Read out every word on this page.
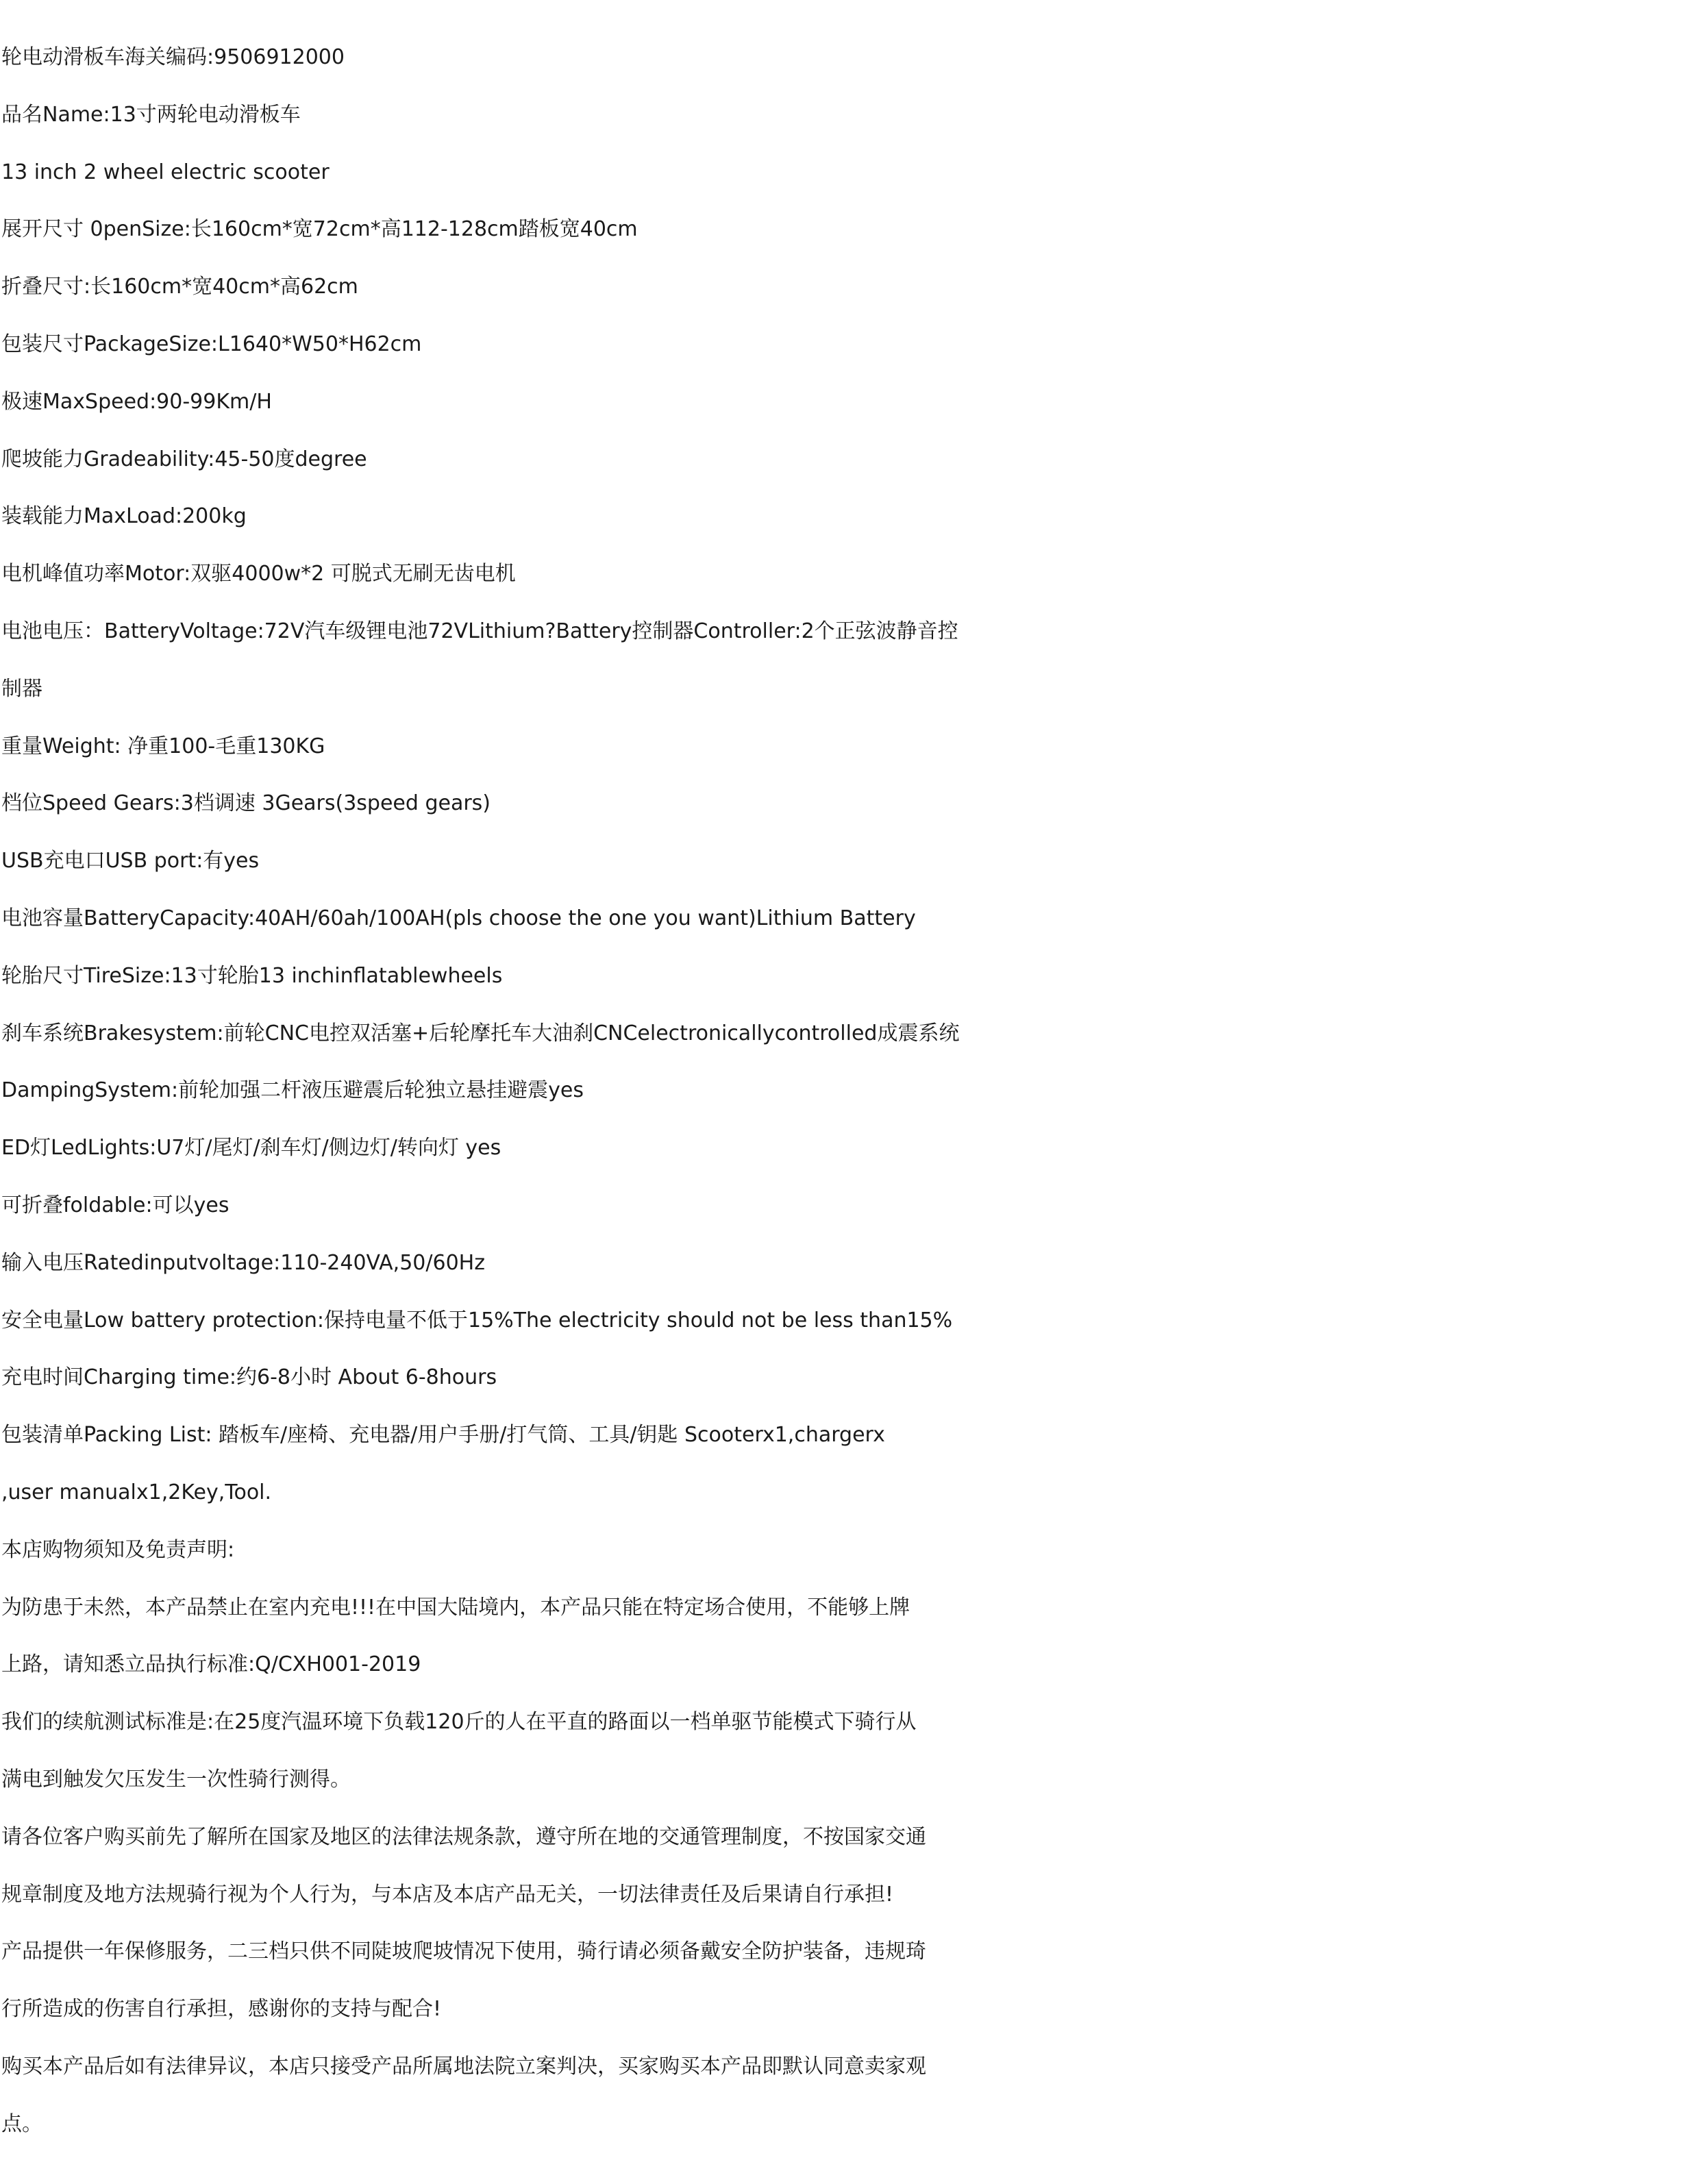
轮电动滑板车海关编码:9506912000
品名Name:13寸两轮电动滑板车
13 inch 2 wheel electric scooter
展开尺寸 0penSize:长160cm*宽72cm*高112-128cm踏板宽40cm
折叠尺寸:长160cm*宽40cm*高62cm
包装尺寸PackageSize:L1640*W50*H62cm
极速MaxSpeed:90-99Km/H
爬坡能力Gradeability:45-50度degree
装载能力MaxLoad:200kg
电机峰值功率Motor:双驱4000w*2 可脱式无刷无齿电机
电池电压：BatteryVoltage:72V汽车级锂电池72VLithium?Battery控制器Controller:2个正弦波静音控
制器
重量Weight: 净重100-毛重130KG
档位Speed Gears:3档调速 3Gears(3speed gears)
USB充电口USB port:有yes
电池容量BatteryCapacity:40AH/60ah/100AH(pls choose the one you want)Lithium Battery
轮胎尺寸TireSize:13寸轮胎13 inchinflatablewheels
刹车系统Brakesystem:前轮CNC电控双活塞+后轮摩托车大油刹CNCelectronicallycontrolled成震系统
DampingSystem:前轮加强二杆液压避震后轮独立悬挂避震yes
ED灯LedLights:U7灯/尾灯/刹车灯/侧边灯/转向灯 yes
可折叠foldable:可以yes
输入电压Ratedinputvoltage:110-240VA,50/60Hz
安全电量Low battery protection:保持电量不低于15%The electricity should not be less than15%
充电时间Charging time:约6-8小时 About 6-8hours
包装清单Packing List: 踏板车/座椅、充电器/用户手册/打气筒、工具/钥匙 Scooterx1,chargerx
,user manualx1,2Key,Tool.
本店购物须知及免责声明:
为防患于未然，本产品禁止在室内充电!!!在中国大陆境内，本产品只能在特定场合使用，不能够上牌
上路，请知悉立品执行标准:Q/CXH001-2019
我们的续航测试标准是:在25度汽温环境下负载120斤的人在平直的路面以一档单驱节能模式下骑行从
满电到触发欠压发生一次性骑行测得。
请各位客户购买前先了解所在国家及地区的法律法规条款，遵守所在地的交通管理制度，不按国家交通
规章制度及地方法规骑行视为个人行为，与本店及本店产品无关，一切法律责任及后果请自行承担!
产品提供一年保修服务，二三档只供不同陡坡爬坡情况下使用，骑行请必须备戴安全防护装备，违规琦
行所造成的伤害自行承担，感谢你的支持与配合!
购买本产品后如有法律异议，本店只接受产品所属地法院立案判决，买家购买本产品即默认同意卖家观
点。
